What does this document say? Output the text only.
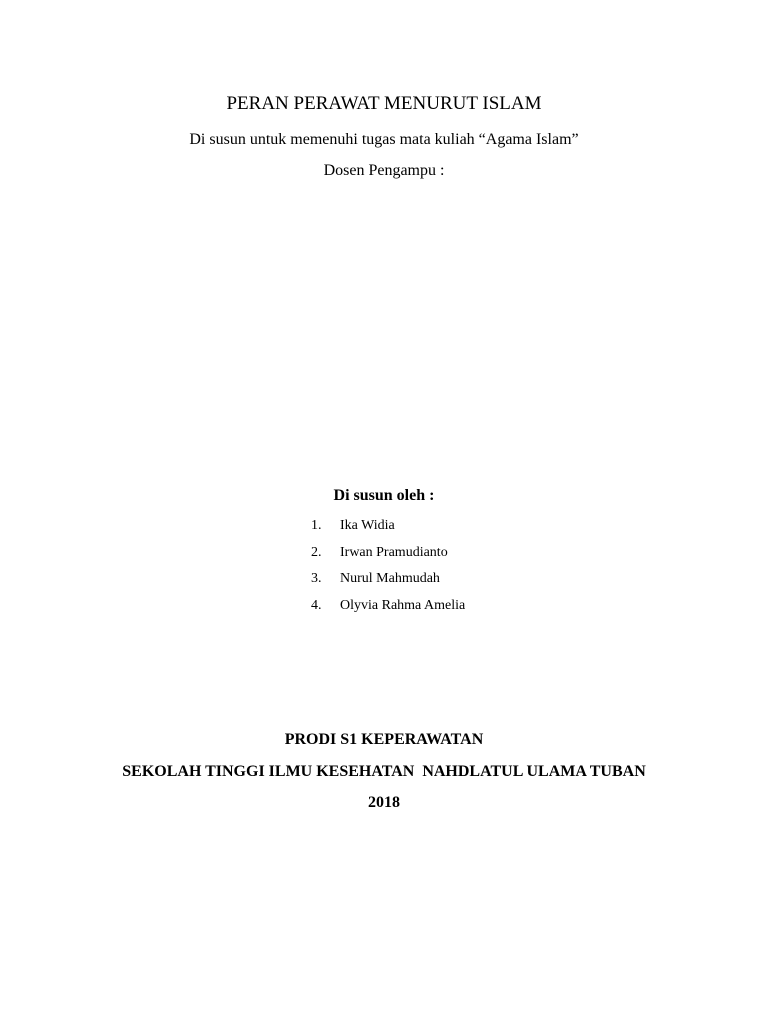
PERAN PERAWAT MENURUT ISLAM
Di susun untuk memenuhi tugas mata kuliah “Agama Islam”
Dosen Pengampu :
Di susun oleh :
1. Ika Widia
2. Irwan Pramudianto
3. Nurul Mahmudah
4. Olyvia Rahma Amelia
PRODI S1 KEPERAWATAN
SEKOLAH TINGGI ILMU KESEHATAN  NAHDLATUL ULAMA TUBAN
2018
